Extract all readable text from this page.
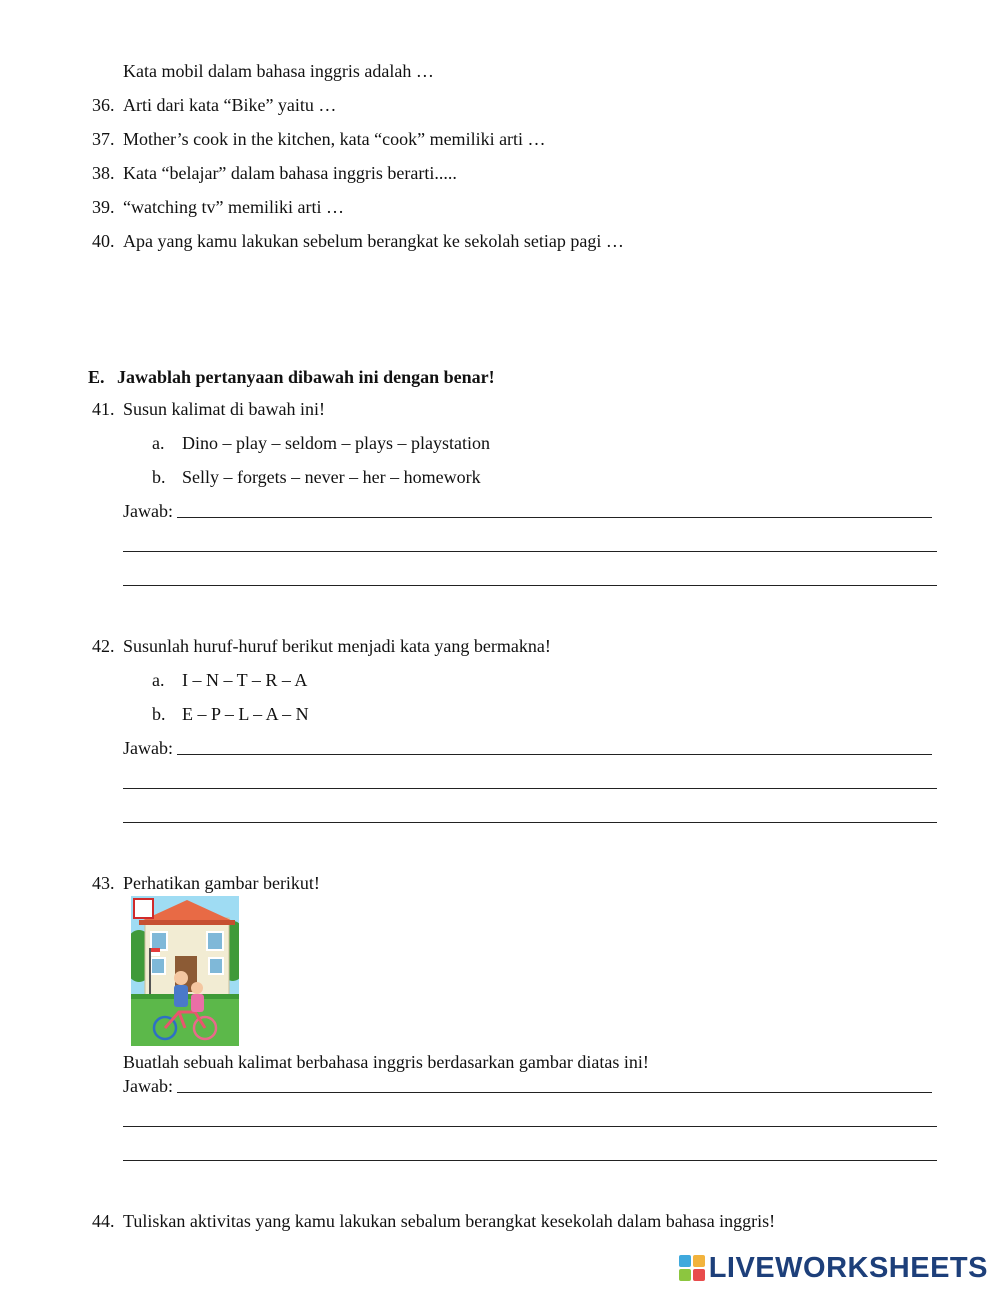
Kata mobil dalam bahasa inggris adalah …
36. Arti dari kata “Bike” yaitu …
37. Mother’s cook in the kitchen, kata “cook” memiliki arti …
38. Kata “belajar” dalam bahasa inggris berarti.....
39. “watching tv” memiliki arti …
40. Apa yang kamu lakukan sebelum berangkat ke sekolah setiap pagi …
E. Jawablah pertanyaan dibawah ini dengan benar!
41. Susun kalimat di bawah ini!
a. Dino – play – seldom – plays – playstation
b. Selly – forgets – never – her – homework
Jawab:
42. Susunlah huruf-huruf berikut menjadi kata yang bermakna!
a. I – N – T – R – A
b. E – P – L – A – N
Jawab:
43. Perhatikan gambar berikut!
Buatlah sebuah kalimat berbahasa inggris berdasarkan gambar diatas ini!
Jawab:
44. Tuliskan aktivitas yang kamu lakukan sebalum berangkat kesekolah dalam bahasa inggris!
LIVEWORKSHEETS
